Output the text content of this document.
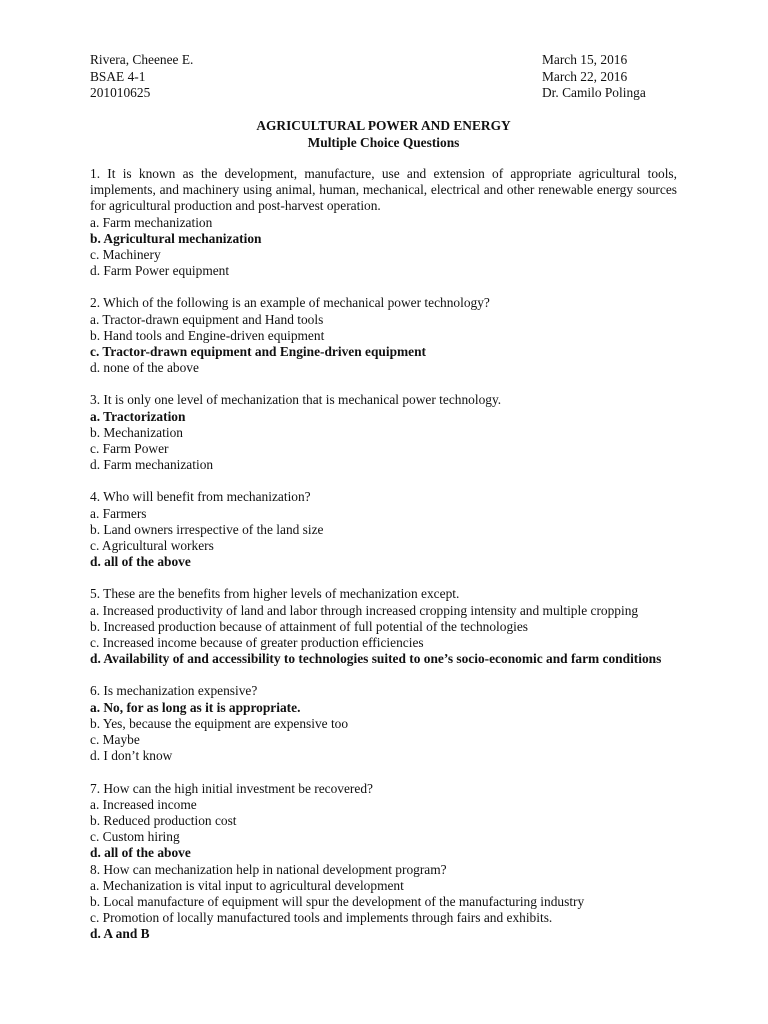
Rivera, Cheenee E.
BSAE 4-1
201010625
March 15, 2016
March 22, 2016
Dr. Camilo Polinga
AGRICULTURAL POWER AND ENERGY
Multiple Choice Questions
1. It is known as the development, manufacture, use and extension of appropriate agricultural tools, implements, and machinery using animal, human, mechanical, electrical and other renewable energy sources for agricultural production and post-harvest operation.
a. Farm mechanization
b. Agricultural mechanization
c. Machinery
d. Farm Power equipment
2. Which of the following is an example of mechanical power technology?
a. Tractor-drawn equipment and Hand tools
b. Hand tools and Engine-driven equipment
c. Tractor-drawn equipment and Engine-driven equipment
d. none of the above
3. It is only one level of mechanization that is mechanical power technology.
a. Tractorization
b. Mechanization
c. Farm Power
d. Farm mechanization
4. Who will benefit from mechanization?
a. Farmers
b. Land owners irrespective of the land size
c. Agricultural workers
d. all of the above
5. These are the benefits from higher levels of mechanization except.
a. Increased productivity of land and labor through increased cropping intensity and multiple cropping
b. Increased production because of attainment of full potential of the technologies
c. Increased income because of greater production efficiencies
d. Availability of and accessibility to technologies suited to one’s socio-economic and farm conditions
6. Is mechanization expensive?
a. No, for as long as it is appropriate.
b. Yes, because the equipment are expensive too
c. Maybe
d. I don’t know
7. How can the high initial investment be recovered?
a. Increased income
b. Reduced production cost
c. Custom hiring
d. all of the above
8. How can mechanization help in national development program?
a. Mechanization is vital input to agricultural development
b. Local manufacture of equipment will spur the development of the manufacturing industry
c. Promotion of locally manufactured tools and implements through fairs and exhibits.
d. A and B
